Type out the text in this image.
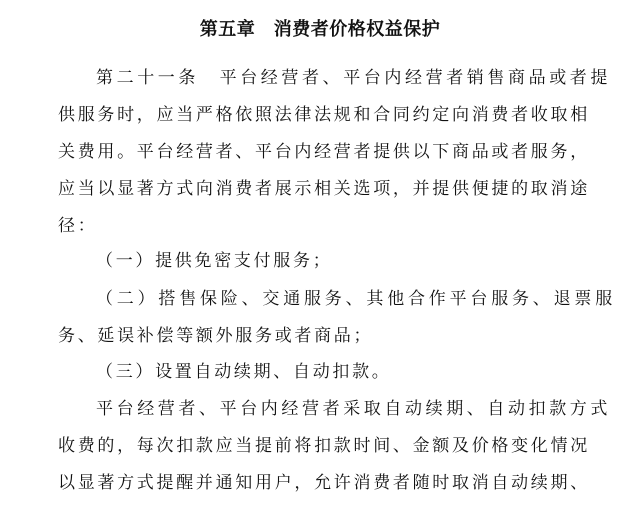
第五章　消费者价格权益保护

第二十一条　平台经营者、平台内经营者销售商品或者提

供服务时，应当严格依照法律法规和合同约定向消费者收取相

关费用。平台经营者、平台内经营者提供以下商品或者服务，

应当以显著方式向消费者展示相关选项，并提供便捷的取消途

径：

（一）提供免密支付服务；

（二）搭售保险、交通服务、其他合作平台服务、退票服

务、延误补偿等额外服务或者商品；

（三）设置自动续期、自动扣款。

平台经营者、平台内经营者采取自动续期、自动扣款方式

收费的，每次扣款应当提前将扣款时间、金额及价格变化情况

以显著方式提醒并通知用户，允许消费者随时取消自动续期、
